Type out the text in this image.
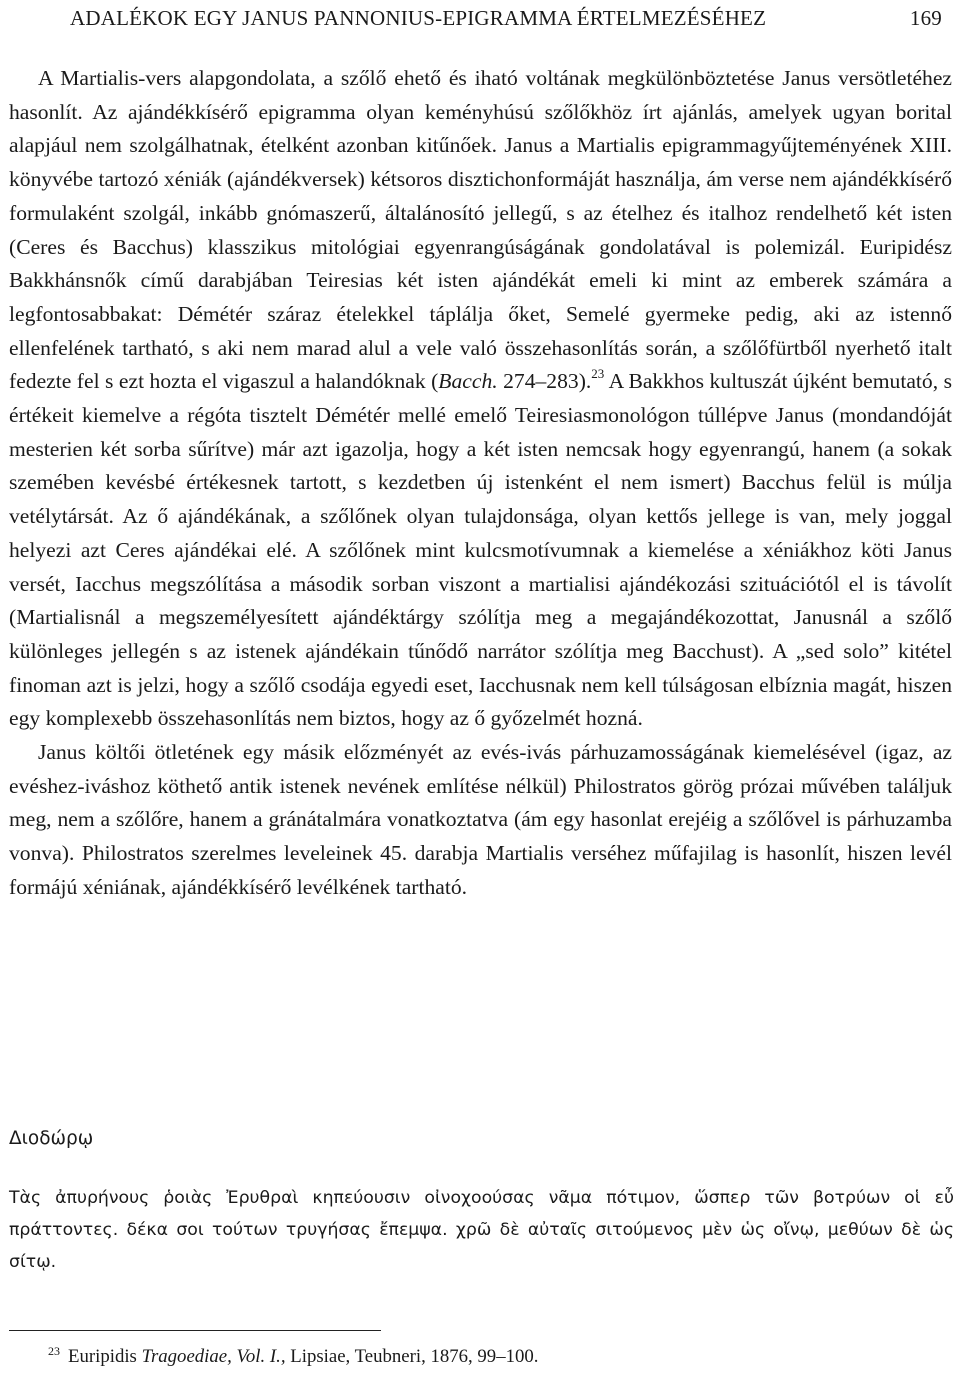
ADALÉKOK EGY JANUS PANNONIUS-EPIGRAMMA ÉRTELMEZÉSÉHEZ	169

A Martialis-vers alapgondolata, a szőlő ehető és iható voltának megkülönböztetése Janus versötletéhez hasonlít. Az ajándékkísérő epigramma olyan keményhúsú szőlőkhöz írt ajánlás, amelyek ugyan borital alapjául nem szolgálhatnak, ételként azonban kitűnőek. Janus a Martialis epigrammagyűjteményének XIII. könyvébe tartozó xéniák (ajándékversek) kétsoros disztichonformáját használja, ám verse nem ajándékkísérő formulaként szolgál, inkább gnómaszerű, általánosító jellegű, s az ételhez és italhoz rendelhető két isten (Ceres és Bacchus) klasszikus mitológiai egyenrangúságának gondolatával is polemizál. Euripidész Bakkhánsnők című darabjában Teiresias két isten ajándékát emeli ki mint az emberek számára a legfontosabbakat: Démétér száraz ételekkel táplálja őket, Semelé gyermeke pedig, aki az istennő ellenfelének tartható, s aki nem marad alul a vele való összehasonlítás során, a szőlőfürtből nyerhető italt fedezte fel s ezt hozta el vigaszul a halandóknak (Bacch. 274–283).$^{23}$ A Bakkhos kultuszát újként bemutató, s értékeit kiemelve a régóta tisztelt Démétér mellé emelő Teiresiasmonológon túllépve Janus (mondandóját mesterien két sorba sűrítve) már azt igazolja, hogy a két isten nemcsak hogy egyenrangú, hanem (a sokak szemében kevésbé értékesnek tartott, s kezdetben új istenként el nem ismert) Bacchus felül is múlja vetélytársát. Az ő ajándékának, a szőlőnek olyan tulajdonsága, olyan kettős jellege is van, mely joggal helyezi azt Ceres ajándékai elé. A szőlőnek mint kulcsmotívumnak a kiemelése a xéniákhoz köti Janus versét, Iacchus megszólítása a második sorban viszont a martialisi ajándékozási szituációtól el is távolít (Martialisnál a megszemélyesített ajándéktárgy szólítja meg a megajándékozottat, Janusnál a szőlő különleges jellegén s az istenek ajándékain tűnődő narrátor szólítja meg Bacchust). A „sed solo” kitétel finoman azt is jelzi, hogy a szőlő csodája egyedi eset, Iacchusnak nem kell túlságosan elbíznia magát, hiszen egy komplexebb összehasonlítás nem biztos, hogy az ő győzelmét hozná.

Janus költői ötletének egy másik előzményét az evés-ivás párhuzamosságának kiemelésével (igaz, az evéshez-iváshoz köthető antik istenek nevének említése nélkül) Philostratos görög prózai művében találjuk meg, nem a szőlőre, hanem a gránátalmára vonatkoztatva (ám egy hasonlat erejéig a szőlővel is párhuzamba vonva). Philostratos szerelmes leveleinek 45. darabja Martialis verséhez műfajilag is hasonlít, hiszen levél formájú xéniának, ajándékkísérő levélkének tartható.

Διοδώρῳ
Τὰς ἀπυρήνους ῥοιὰς Ἐρυθραὶ κηπεύουσιν οἰνοχοούσας νᾶμα πότιμον, ὥσπερ τῶν βοτρύων οἱ εὖ πράττοντες. δέκα σοι τούτων τρυγήσας ἔπεμψα. χρῶ δὲ αὐταῖς σιτούμενος μὲν ὡς οἴνῳ, μεθύων δὲ ὡς σίτῳ.
$^{23}$ Euripidis Tragoediae, Vol. I., Lipsiae, Teubneri, 1876, 99–100.
